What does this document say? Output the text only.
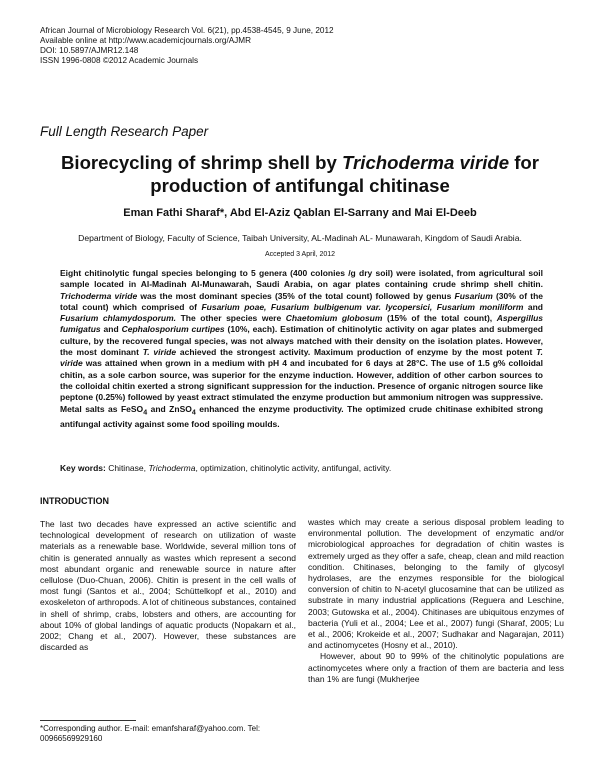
African Journal of Microbiology Research Vol. 6(21), pp.4538-4545, 9 June, 2012
Available online at http://www.academicjournals.org/AJMR
DOI: 10.5897/AJMR12.148
ISSN 1996-0808 ©2012 Academic Journals
Full Length Research Paper
Biorecycling of shrimp shell by Trichoderma viride for production of antifungal chitinase
Eman Fathi Sharaf*, Abd El-Aziz Qablan El-Sarrany and Mai El-Deeb
Department of Biology, Faculty of Science, Taibah University, AL-Madinah AL- Munawarah, Kingdom of Saudi Arabia.
Accepted 3 April, 2012
Eight chitinolytic fungal species belonging to 5 genera (400 colonies /g dry soil) were isolated, from agricultural soil sample located in Al-Madinah Al-Munawarah, Saudi Arabia, on agar plates containing crude shrimp shell chitin. Trichoderma viride was the most dominant species (35% of the total count) followed by genus Fusarium (30% of the total count) which comprised of Fusarium poae, Fusarium bulbigenum var. lycopersici, Fusarium moniliform and Fusarium chlamydosporum. The other species were Chaetomium globosum (15% of the total count), Aspergillus fumigatus and Cephalosporium curtipes (10%, each). Estimation of chitinolytic activity on agar plates and submerged culture, by the recovered fungal species, was not always matched with their density on the isolation plates. However, the most dominant T. viride achieved the strongest activity. Maximum production of enzyme by the most potent T. viride was attained when grown in a medium with pH 4 and incubated for 6 days at 28°C. The use of 1.5 g% colloidal chitin, as a sole carbon source, was superior for the enzyme induction. However, addition of other carbon sources to the colloidal chitin exerted a strong significant suppression for the induction. Presence of organic nitrogen source like peptone (0.25%) followed by yeast extract stimulated the enzyme production but ammonium nitrogen was suppressive. Metal salts as FeSO$_4$ and ZnSO$_4$ enhanced the enzyme productivity. The optimized crude chitinase exhibited strong antifungal activity against some food spoiling moulds.
Key words: Chitinase, Trichoderma, optimization, chitinolytic activity, antifungal, activity.
INTRODUCTION

The last two decades have expressed an active scientific and technological development of research on utilization of waste materials as a renewable base. Worldwide, several million tons of chitin is generated annually as wastes which represent a second most abundant organic and renewable source in nature after cellulose (Duo-Chuan, 2006). Chitin is present in the cell walls of most fungi (Santos et al., 2004; Schüttelkopf et al., 2010) and exoskeleton of arthropods. A lot of chitineous substances, contained in shell of shrimp, crabs, lobsters and others, are accounting for about 10% of global landings of aquatic products (Nopakarn et al., 2002; Chang et al., 2007). However, these substances are discarded as

wastes which may create a serious disposal problem leading to environmental pollution. The development of enzymatic and/or microbiological approaches for degradation of chitin wastes is extremely urged as they offer a safe, cheap, clean and mild reaction condition. Chitinases, belonging to the family of glycosyl hydrolases, are the enzymes responsible for the biological conversion of chitin to N-acetyl glucosamine that can be utilized as substrate in many industrial applications (Reguera and Leschine, 2003; Gutowska et al., 2004). Chitinases are ubiquitous enzymes of bacteria (Yuli et al., 2004; Lee et al., 2007) fungi (Sharaf, 2005; Lu et al., 2006; Krokeide et al., 2007; Sudhakar and Nagarajan, 2011) and actinomycetes (Hosny et al., 2010).

However, about 90 to 99% of the chitinolytic populations are actinomycetes where only a fraction of them are bacteria and less than 1% are fungi (Mukherjee

*Corresponding author. E-mail: emanfsharaf@yahoo.com. Tel: 00966569929160
